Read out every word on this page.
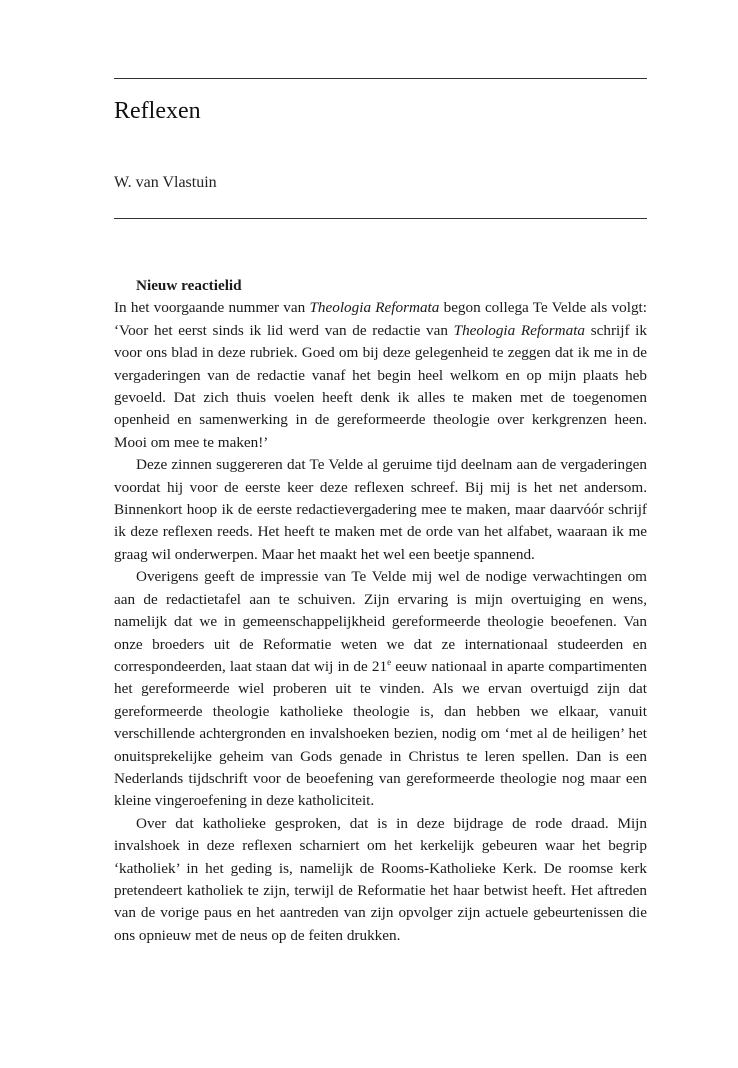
Reflexen
W. van Vlastuin
Nieuw reactielid

In het voorgaande nummer van Theologia Reformata begon collega Te Velde als volgt: ‘Voor het eerst sinds ik lid werd van de redactie van Theologia Reformata schrijf ik voor ons blad in deze rubriek. Goed om bij deze gelegenheid te zeggen dat ik me in de vergaderingen van de redactie vanaf het begin heel welkom en op mijn plaats heb gevoeld. Dat zich thuis voelen heeft denk ik alles te maken met de toegenomen openheid en samenwerking in de gereformeerde theologie over kerkgrenzen heen. Mooi om mee te maken!’

Deze zinnen suggereren dat Te Velde al geruime tijd deelnam aan de vergaderingen voordat hij voor de eerste keer deze reflexen schreef. Bij mij is het net andersom. Binnenkort hoop ik de eerste redactievergadering mee te maken, maar daarvóór schrijf ik deze reflexen reeds. Het heeft te maken met de orde van het alfabet, waaraan ik me graag wil onderwerpen. Maar het maakt het wel een beetje spannend.

Overigens geeft de impressie van Te Velde mij wel de nodige verwachtingen om aan de redactietafel aan te schuiven. Zijn ervaring is mijn overtuiging en wens, namelijk dat we in gemeenschappelijkheid gereformeerde theologie beoefenen. Van onze broeders uit de Reformatie weten we dat ze internationaal studeerden en correspondeerden, laat staan dat wij in de 21e eeuw nationaal in aparte compartimenten het gereformeerde wiel proberen uit te vinden. Als we ervan overtuigd zijn dat gereformeerde theologie katholieke theologie is, dan hebben we elkaar, vanuit verschillende achtergronden en invalshoeken bezien, nodig om ‘met al de heiligen’ het onuitsprekelijke geheim van Gods genade in Christus te leren spellen. Dan is een Nederlands tijdschrift voor de beoefening van gereformeerde theologie nog maar een kleine vingeroefening in deze katholiciteit.

Over dat katholieke gesproken, dat is in deze bijdrage de rode draad. Mijn invalshoek in deze reflexen scharniert om het kerkelijk gebeuren waar het begrip ‘katholiek’ in het geding is, namelijk de Rooms-Katholieke Kerk. De roomse kerk pretendeert katholiek te zijn, terwijl de Reformatie het haar betwist heeft. Het aftreden van de vorige paus en het aantreden van zijn opvolger zijn actuele gebeurtenissen die ons opnieuw met de neus op de feiten drukken.
